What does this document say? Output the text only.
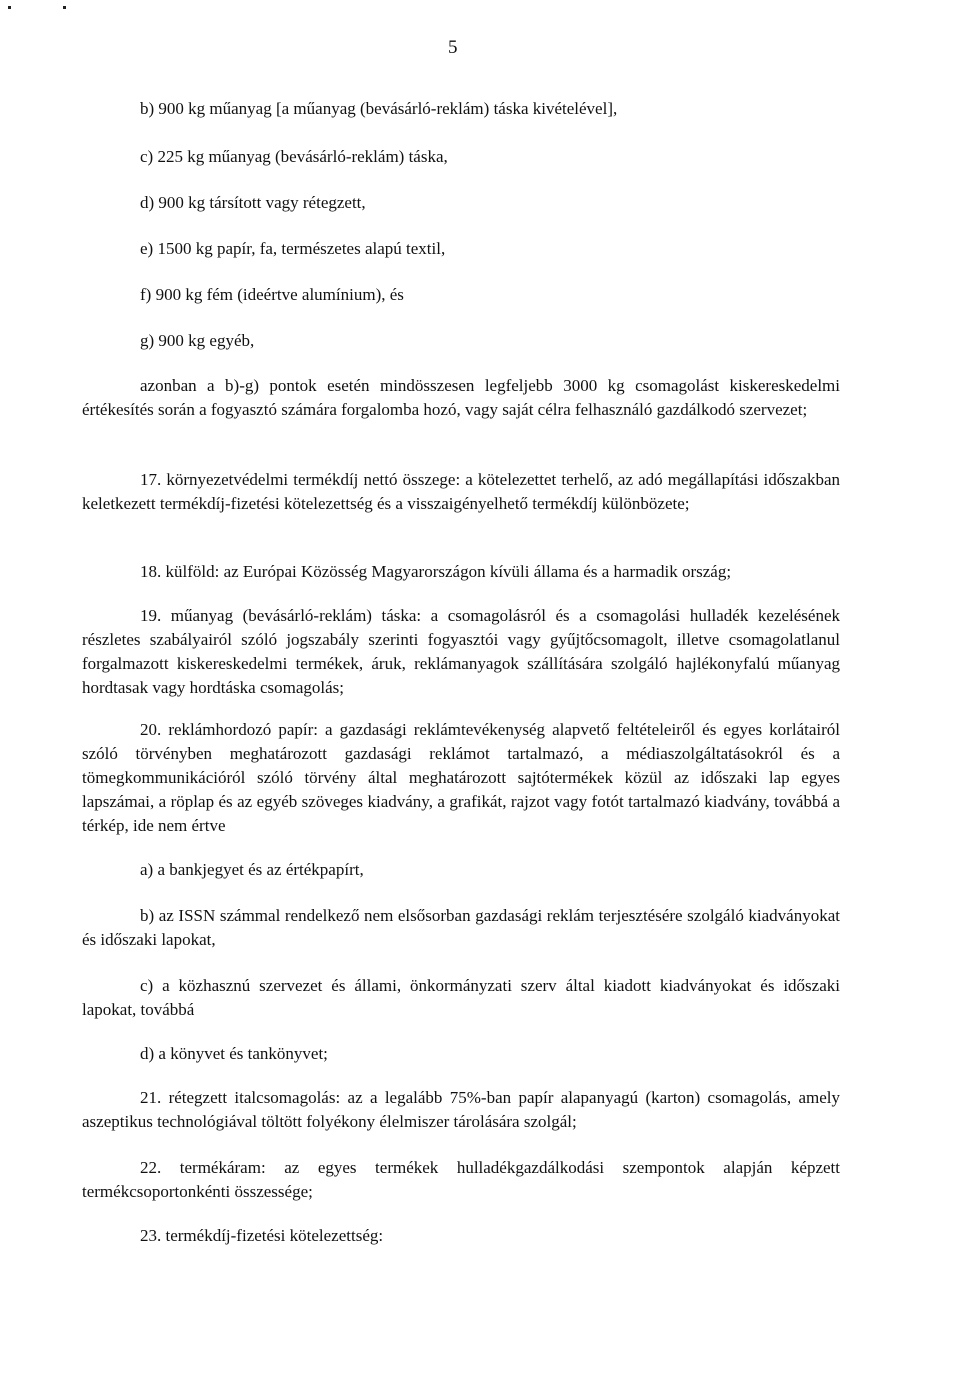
5

b) 900 kg műanyag [a műanyag (bevásárló-reklám) táska kivételével],

c) 225 kg műanyag (bevásárló-reklám) táska,

d) 900 kg társított vagy rétegzett,

e) 1500 kg papír, fa, természetes alapú textil,

f) 900 kg fém (ideértve alumínium), és

g) 900 kg egyéb,

azonban a b)-g) pontok esetén mindösszesen legfeljebb 3000 kg csomagolást kiskereskedelmi értékesítés során a fogyasztó számára forgalomba hozó, vagy saját célra felhasználó gazdálkodó szervezet;

17. környezetvédelmi termékdíj nettó összege: a kötelezettet terhelő, az adó megállapítási időszakban keletkezett termékdíj-fizetési kötelezettség és a visszaigényelhető termékdíj különbözete;

18. külföld: az Európai Közösség Magyarországon kívüli állama és a harmadik ország;

19. műanyag (bevásárló-reklám) táska: a csomagolásról és a csomagolási hulladék kezelésének részletes szabályairól szóló jogszabály szerinti fogyasztói vagy gyűjtőcsomagolt, illetve csomagolatlanul forgalmazott kiskereskedelmi termékek, áruk, reklámanyagok szállítására szolgáló hajlékonyfalú műanyag hordtasak vagy hordtáska csomagolás;

20. reklámhordozó papír: a gazdasági reklámtevékenység alapvető feltételeiről és egyes korlátairól szóló törvényben meghatározott gazdasági reklámot tartalmazó, a médiaszolgáltatásokról és a tömegkommunikációról szóló törvény által meghatározott sajtótermékek közül az időszaki lap egyes lapszámai, a röplap és az egyéb szöveges kiadvány, a grafikát, rajzot vagy fotót tartalmazó kiadvány, továbbá a térkép, ide nem értve

a) a bankjegyet és az értékpapírt,

b) az ISSN számmal rendelkező nem elsősorban gazdasági reklám terjesztésére szolgáló kiadványokat és időszaki lapokat,

c) a közhasznú szervezet és állami, önkormányzati szerv által kiadott kiadványokat és időszaki lapokat, továbbá

d) a könyvet és tankönyvet;

21. rétegzett italcsomagolás: az a legalább 75%-ban papír alapanyagú (karton) csomagolás, amely aszeptikus technológiával töltött folyékony élelmiszer tárolására szolgál;

22. termékáram: az egyes termékek hulladékgazdálkodási szempontok alapján képzett termékcsoportonkénti összessége;

23. termékdíj-fizetési kötelezettség:
